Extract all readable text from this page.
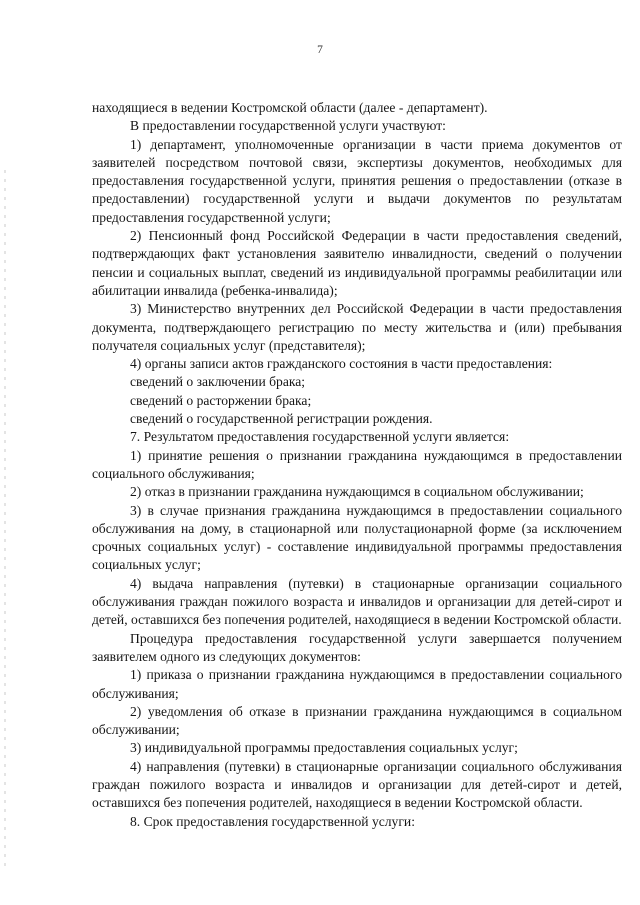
7

находящиеся в ведении Костромской области (далее - департамент).

В предоставлении государственной услуги участвуют:

1) департамент, уполномоченные организации в части приема документов от заявителей посредством почтовой связи, экспертизы документов, необходимых для предоставления государственной услуги, принятия решения о предоставлении (отказе в предоставлении) государственной услуги и выдачи документов по результатам предоставления государственной услуги;

2) Пенсионный фонд Российской Федерации в части предоставления сведений, подтверждающих факт установления заявителю инвалидности, сведений о получении пенсии и социальных выплат, сведений из индивидуальной программы реабилитации или абилитации инвалида (ребенка-инвалида);

3) Министерство внутренних дел Российской Федерации в части предоставления документа, подтверждающего регистрацию по месту жительства и (или) пребывания получателя социальных услуг (представителя);

4) органы записи актов гражданского состояния в части предоставления:

сведений о заключении брака;

сведений о расторжении брака;

сведений о государственной регистрации рождения.

7. Результатом предоставления государственной услуги является:

1) принятие решения о признании гражданина нуждающимся в предоставлении социального обслуживания;

2) отказ в признании гражданина нуждающимся в социальном обслуживании;

3) в случае признания гражданина нуждающимся в предоставлении социального обслуживания на дому, в стационарной или полустационарной форме (за исключением срочных социальных услуг) - составление индивидуальной программы предоставления социальных услуг;

4) выдача направления (путевки) в стационарные организации социального обслуживания граждан пожилого возраста и инвалидов и организации для детей-сирот и детей, оставшихся без попечения родителей, находящиеся в ведении Костромской области.

Процедура предоставления государственной услуги завершается получением заявителем одного из следующих документов:

1) приказа о признании гражданина нуждающимся в предоставлении социального обслуживания;

2) уведомления об отказе в признании гражданина нуждающимся в социальном обслуживании;

3) индивидуальной программы предоставления социальных услуг;

4) направления (путевки) в стационарные организации социального обслуживания граждан пожилого возраста и инвалидов и организации для детей-сирот и детей, оставшихся без попечения родителей, находящиеся в ведении Костромской области.

8. Срок предоставления государственной услуги:
